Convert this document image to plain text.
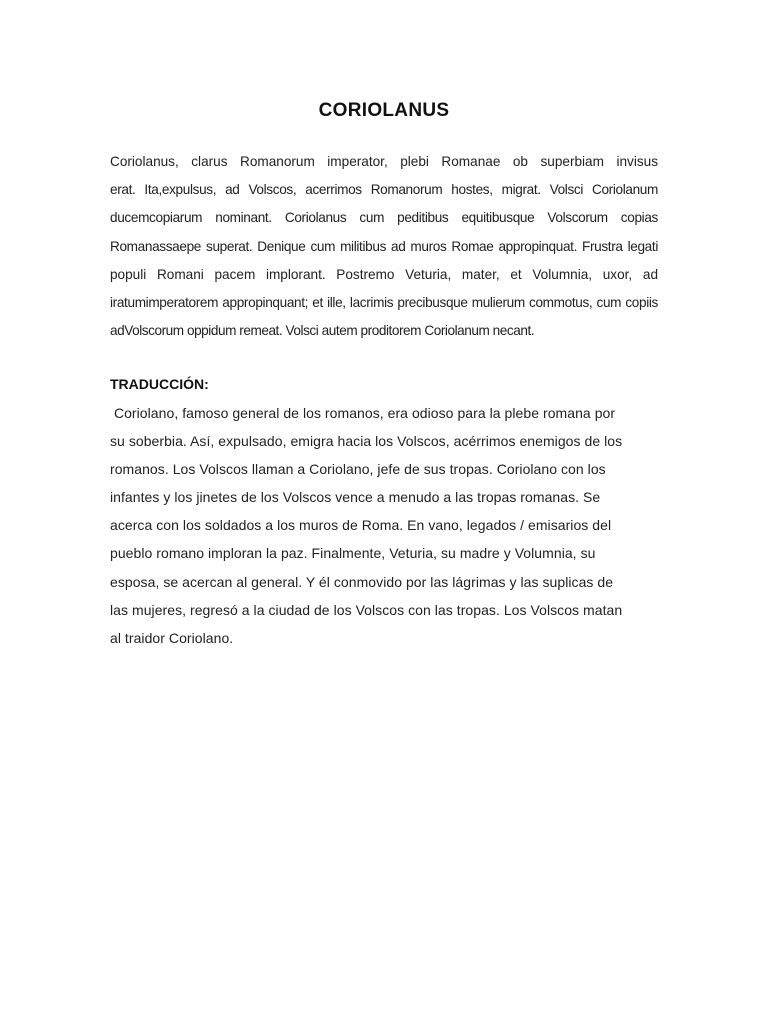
CORIOLANUS
Coriolanus, clarus Romanorum imperator, plebi Romanae ob superbiam invisus
erat. Ita,expulsus, ad Volscos, acerrimos Romanorum hostes, migrat. Volsci Coriolanum
ducemcopiarum nominant. Coriolanus cum peditibus equitibusque Volscorum copias
Romanassaepe superat. Denique cum militibus ad muros Romae appropinquat. Frustra legati
populi Romani pacem implorant. Postremo Veturia, mater, et Volumnia, uxor, ad
iratumimperatorem appropinquant; et ille, lacrimis precibusque mulierum commotus, cum copiis
adVolscorum oppidum remeat. Volsci autem proditorem Coriolanum necant.
TRADUCCIÓN:
Coriolano, famoso general de los romanos, era odioso para la plebe romana por
su soberbia. Así, expulsado, emigra hacia los Volscos, acérrimos enemigos de los
romanos. Los Volscos llaman a Coriolano, jefe de sus tropas. Coriolano con los
infantes y los jinetes de los Volscos vence a menudo a las tropas romanas. Se
acerca con los soldados a los muros de Roma. En vano, legados / emisarios del
pueblo romano imploran la paz. Finalmente, Veturia, su madre y Volumnia, su
esposa, se acercan al general. Y él conmovido por las lágrimas y las suplicas de
las mujeres, regresó a la ciudad de los Volscos con las tropas. Los Volscos matan
al traidor Coriolano.
